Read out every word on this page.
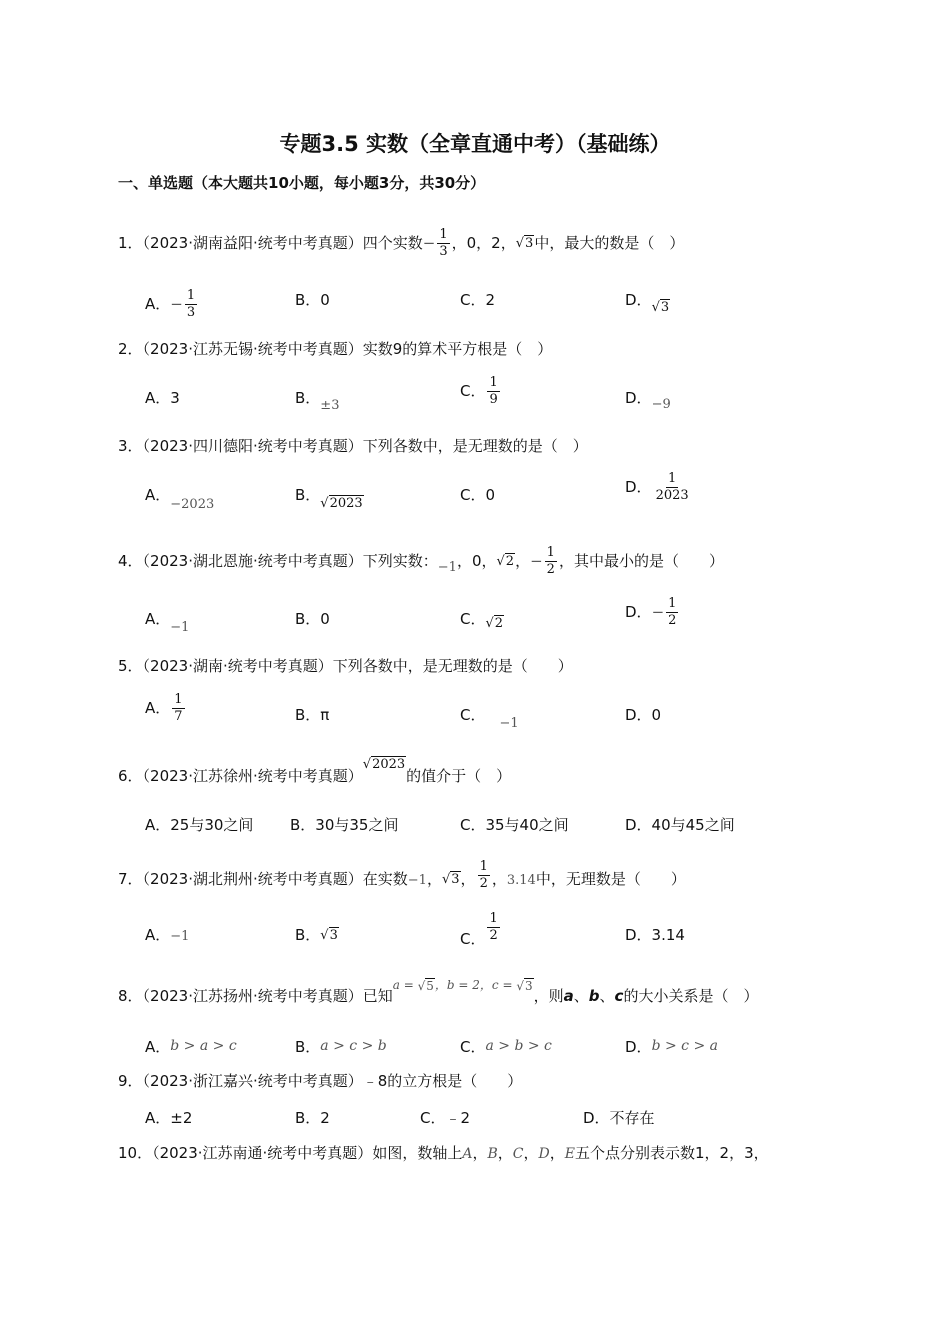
专题3.5 实数（全章直通中考）（基础练）
一、单选题（本大题共10小题，每小题3分，共30分）
1．（2023·湖南益阳·统考中考真题）四个实数− $\frac{1}{3}$ ，0，2，√3中，最大的数是（　）
A．− $\frac{1}{3}$	B．0	C．2	D．√3
2．（2023·江苏无锡·统考中考真题）实数9的算术平方根是（　）
A．3	B．±3
C． $\frac{1}{9}$	D．−9
3．（2023·四川德阳·统考中考真题）下列各数中，是无理数的是（　）
A．−2023
B．√2023	C．0	D． $\frac{1}{2023}$
4．（2023·湖北恩施·统考中考真题）下列实数：−1，0，√2，− $\frac{1}{2}$ ，其中最小的是（　　）
A．−1	B．0	C．√2
D．− $\frac{1}{2}$
5．（2023·湖南·统考中考真题）下列各数中，是无理数的是（　　）
A． $\frac{1}{7}$	B．π	C． −1	D．0
6．（2023·江苏徐州·统考中考真题）√2023的值介于（　）
A．25与30之间 B．30与35之间	C．35与40之间	D．40与45之间
7．（2023·湖北荆州·统考中考真题）在实数−1，√3， $\frac{1}{2}$ ，3.14中，无理数是（　　）
A．−1	B．√3	C． $\frac{1}{2}$	D．3.14
8．（2023·江苏扬州·统考中考真题）已知$^{a = √5,b = 2,c = √3}$，则a、b、c的大小关系是（　）
A．b > a > c	B．a > c > b	C．a > b > c	D．b > c > a
9．（2023·浙江嘉兴·统考中考真题）﹣8的立方根是（　　）
A．±2	B．2	C．﹣2	D．不存在
10．（2023·江苏南通·统考中考真题）如图，数轴上A，B，C，D，E五个点分别表示数1，2，3，
